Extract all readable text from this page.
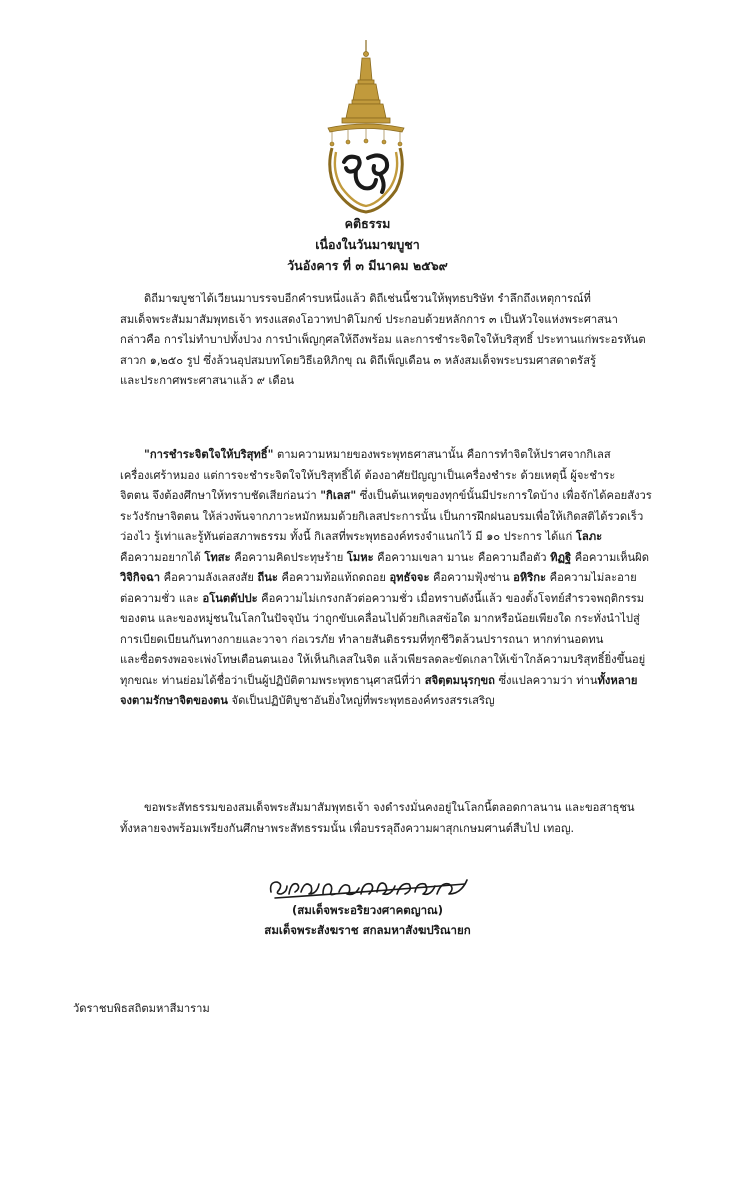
คติธรรม
เนื่องในวันมาฆบูชา
วันอังคาร ที่ ๓ มีนาคม ๒๕๖๙
ดิถีมาฆบูชาได้เวียนมาบรรจบอีกคำรบหนึ่งแล้ว ดิถีเช่นนี้ชวนให้พุทธบริษัท รำลึกถึงเหตุการณ์ที่
สมเด็จพระสัมมาสัมพุทธเจ้า ทรงแสดงโอวาทปาติโมกข์ ประกอบด้วยหลักการ ๓ เป็นหัวใจแห่งพระศาสนา
กล่าวคือ การไม่ทำบาปทั้งปวง การบำเพ็ญกุศลให้ถึงพร้อม และการชำระจิตใจให้บริสุทธิ์ ประทานแก่พระอรหันต
สาวก ๑,๒๕๐ รูป ซึ่งล้วนอุปสมบทโดยวิธีเอหิภิกขุ ณ ดิถีเพ็ญเดือน ๓ หลังสมเด็จพระบรมศาสดาตรัสรู้
และประกาศพระศาสนาแล้ว ๙ เดือน
"การชำระจิตใจให้บริสุทธิ์" ตามความหมายของพระพุทธศาสนานั้น คือการทำจิตให้ปราศจากกิเลส
เครื่องเศร้าหมอง แต่การจะชำระจิตใจให้บริสุทธิ์ได้ ต้องอาศัยปัญญาเป็นเครื่องชำระ ด้วยเหตุนี้ ผู้จะชำระ
จิตตน จึงต้องศึกษาให้ทราบชัดเสียก่อนว่า "กิเลส" ซึ่งเป็นต้นเหตุของทุกข์นั้นมีประการใดบ้าง เพื่อจักได้คอยสังวร
ระวังรักษาจิตตน ให้ล่วงพ้นจากภาวะหมักหมมด้วยกิเลสประการนั้น เป็นการฝึกฝนอบรมเพื่อให้เกิดสติได้รวดเร็ว
ว่องไว รู้เท่าและรู้ทันต่อสภาพธรรม ทั้งนี้ กิเลสที่พระพุทธองค์ทรงจำแนกไว้ มี ๑๐ ประการ ได้แก่ โลภะ
คือความอยากได้ โทสะ คือความคิดประทุษร้าย โมหะ คือความเขลา มานะ คือความถือตัว ทิฏฐิ คือความเห็นผิด
วิจิกิจฉา คือความลังเลสงสัย ถีนะ คือความท้อแท้ถดถอย อุทธัจจะ คือความฟุ้งซ่าน อหิริกะ คือความไม่ละอาย
ต่อความชั่ว และ อโนตตัปปะ คือความไม่เกรงกลัวต่อความชั่ว เมื่อทราบดังนี้แล้ว ของตั้งโจทย์สำรวจพฤติกรรม
ของตน และของหมู่ชนในโลกในปัจจุบัน ว่าถูกขับเคลื่อนไปด้วยกิเลสข้อใด มากหรือน้อยเพียงใด กระทั่งนำไปสู่
การเบียดเบียนกันทางกายและวาจา ก่อเวรภัย ทำลายสันติธรรมที่ทุกชีวิตล้วนปรารถนา หากท่านอดทน
และซื่อตรงพอจะเพ่งโทษเตือนตนเอง ให้เห็นกิเลสในจิต แล้วเพียรลดละขัดเกลาให้เข้าใกล้ความบริสุทธิ์ยิ่งขึ้นอยู่
ทุกขณะ ท่านย่อมได้ชื่อว่าเป็นผู้ปฏิบัติตามพระพุทธานุศาสนีที่ว่า สจิตฺตมนุรกฺขถ ซึ่งแปลความว่า ท่านทั้งหลาย
จงตามรักษาจิตของตน จัดเป็นปฏิบัติบูชาอันยิ่งใหญ่ที่พระพุทธองค์ทรงสรรเสริญ
ขอพระสัทธรรมของสมเด็จพระสัมมาสัมพุทธเจ้า จงดำรงมั่นคงอยู่ในโลกนี้ตลอดกาลนาน และขอสาธุชน
ทั้งหลายจงพร้อมเพรียงกันศึกษาพระสัทธรรมนั้น เพื่อบรรลุถึงความผาสุกเกษมศานต์สืบไป เทอญ.
(สมเด็จพระอริยวงศาคตญาณ)
สมเด็จพระสังฆราช สกลมหาสังฆปริณายก
วัดราชบพิธสถิตมหาสีมาราม
